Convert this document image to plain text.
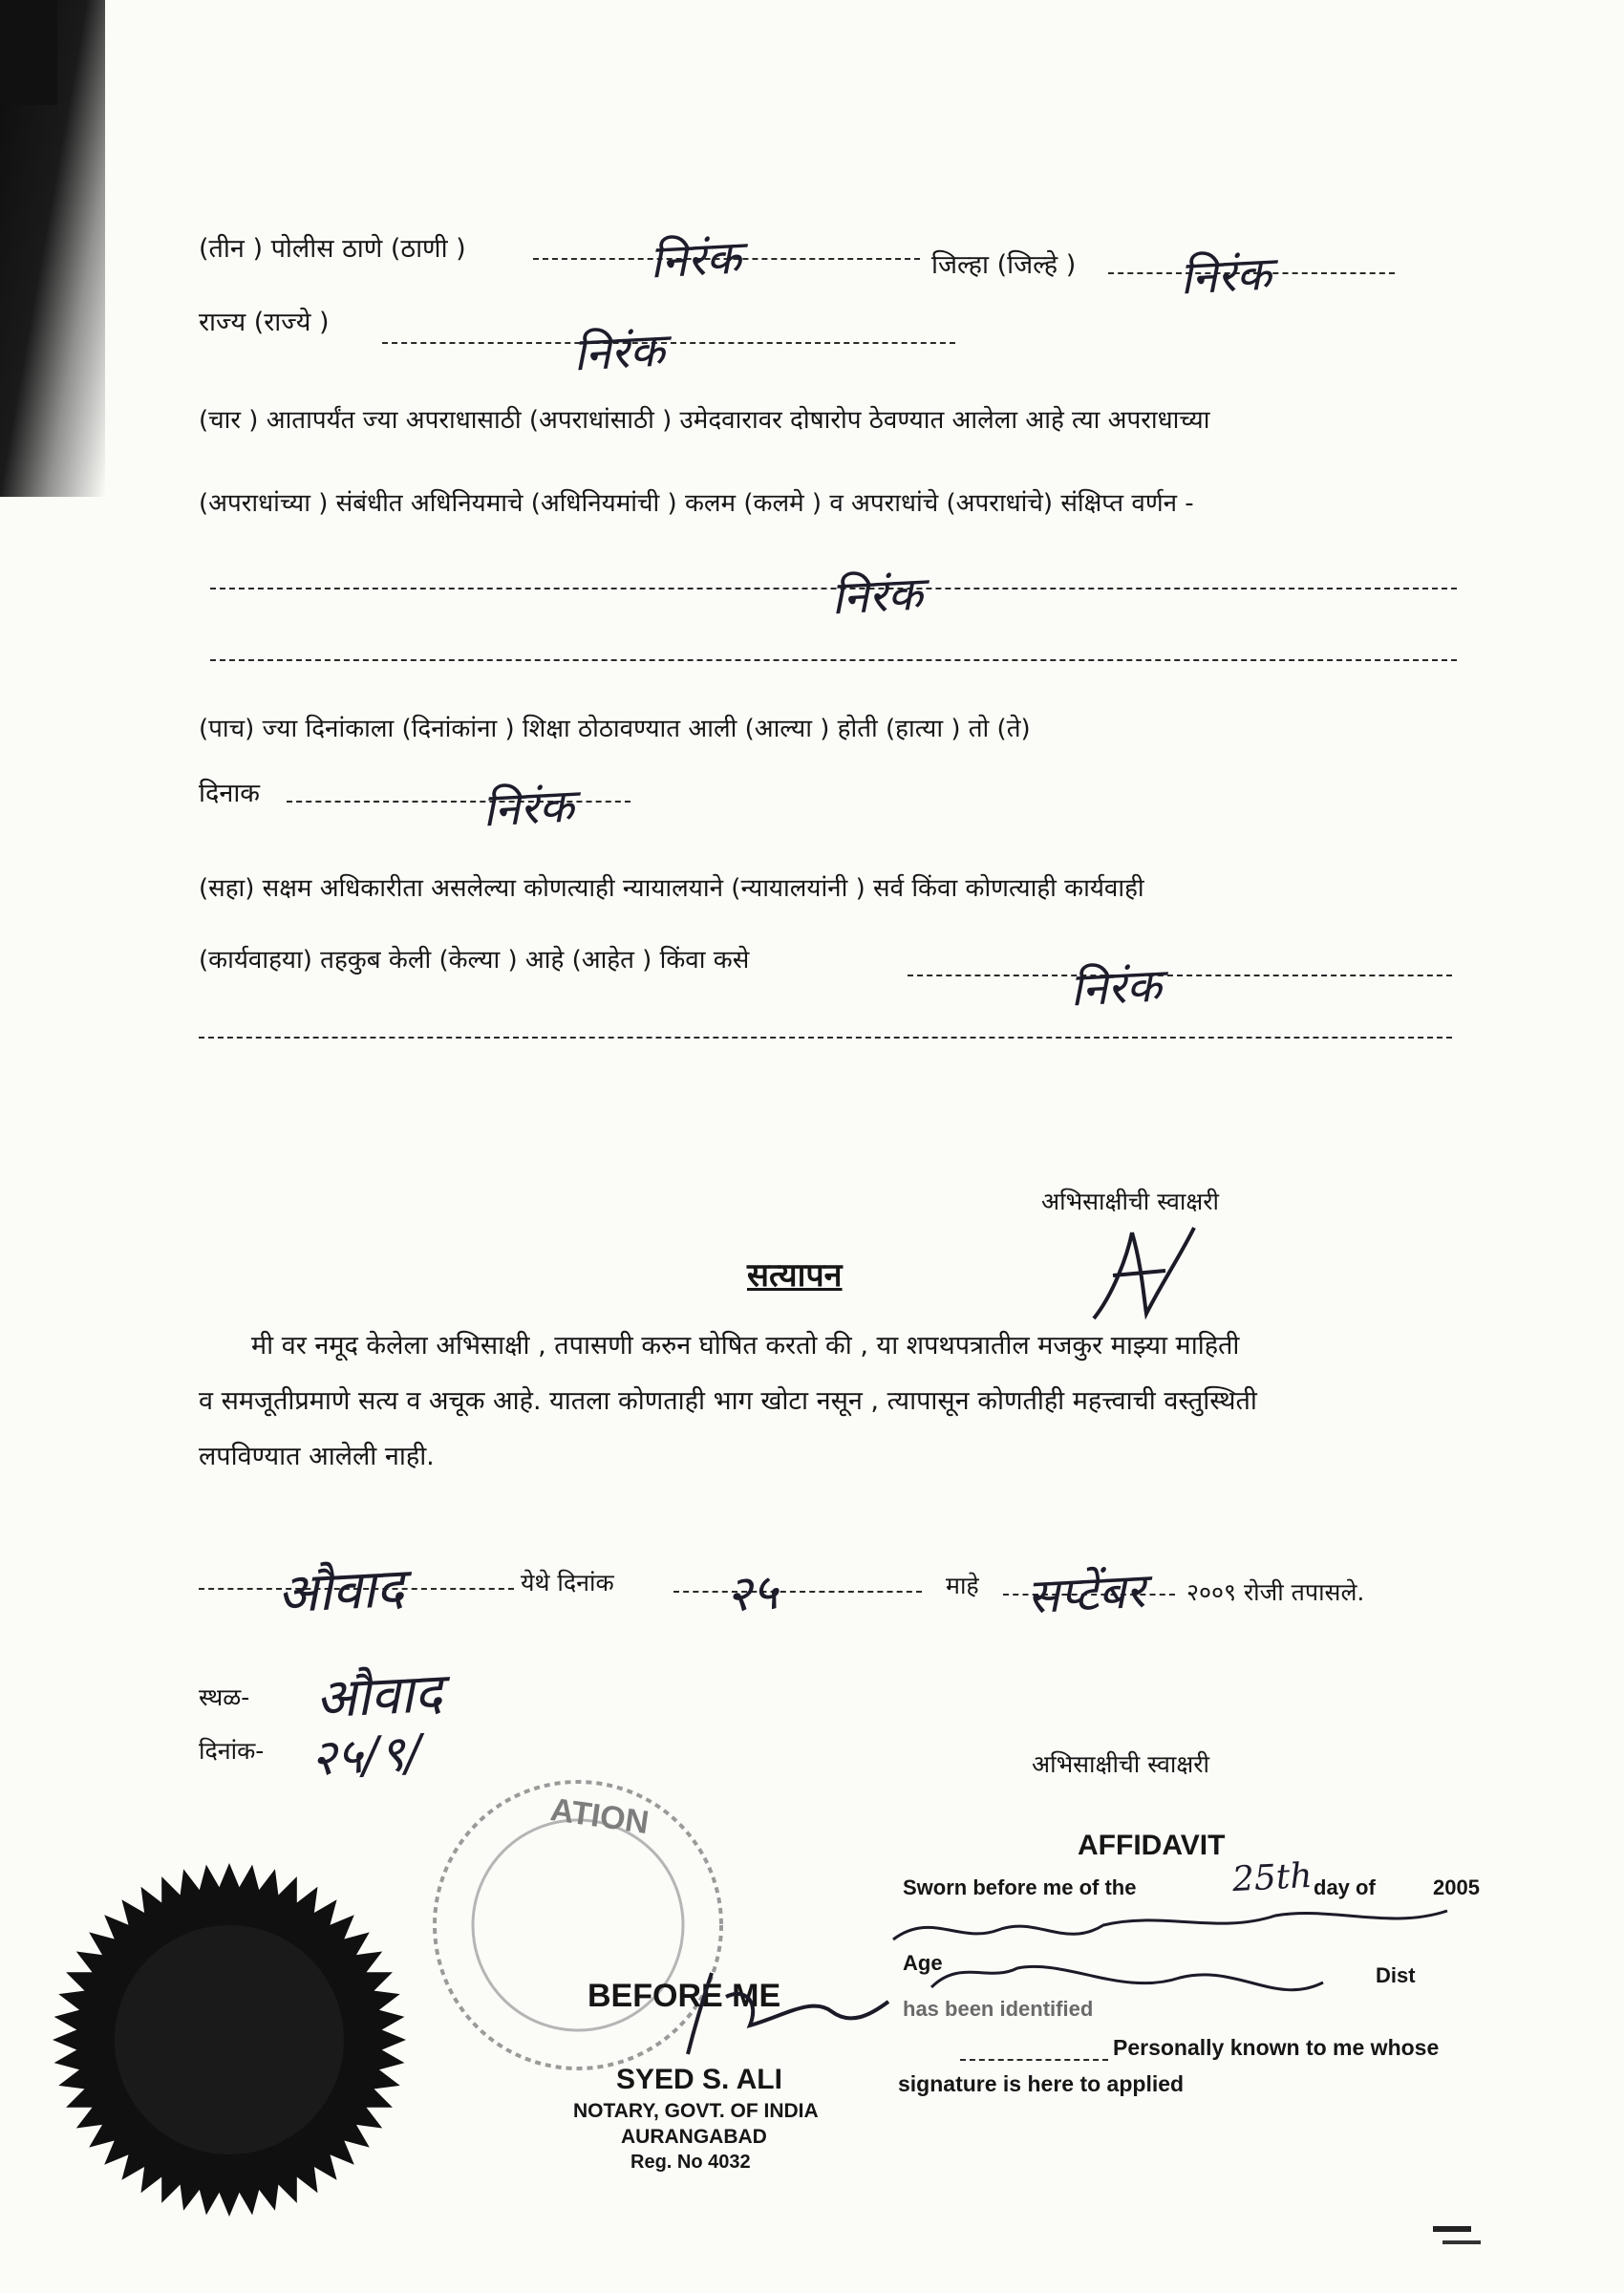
(तीन ) पोलीस ठाणे (ठाणी )	निरंक	जिल्हा (जिल्हे ) निरंक
राज्य (राज्ये )
निरंक
(चार ) आतापर्यंत ज्या अपराधासाठी (अपराधांसाठी ) उमेदवारावर दोषारोप ठेवण्यात आलेला आहे त्या अपराधाच्या
(अपराधांच्या ) संबंधीत अधिनियमाचे (अधिनियमांची ) कलम (कलमे ) व अपराधांचे (अपराधांचे) संक्षिप्त वर्णन -
निरंक
(पाच) ज्या दिनांकाला (दिनांकांना ) शिक्षा ठोठावण्यात आली (आल्या ) होती (हात्या ) तो (ते)
दिनाक	निरंक
(सहा) सक्षम अधिकारीता असलेल्या कोणत्याही न्यायालयाने (न्यायालयांनी ) सर्व किंवा कोणत्याही कार्यवाही
(कार्यवाहया) तहकुब केली (केल्या ) आहे (आहेत ) किंवा कसे	निरंक
अभिसाक्षीची स्वाक्षरी
सत्यापन
मी वर नमूद केलेला अभिसाक्षी , तपासणी करुन घोषित करतो की , या शपथपत्रातील मजकुर माझ्या माहिती
व समजूतीप्रमाणे सत्य व अचूक आहे. यातला कोणताही भाग खोटा नसून , त्यापासून कोणतीही महत्त्वाची वस्तुस्थिती
लपविण्यात आलेली नाही.
औवाद	येथे दिनांक २५	माहे सप्टेंबर २००९ रोजी तपासले.
स्थळ- औवाद
दिनांक- २५/९/	अभिसाक्षीची स्वाक्षरी
ATION
BEFORE ME
SYED S. ALI
NOTARY, GOVT. OF INDIA
AURANGABAD
Reg. No 4032
AFFIDAVIT
Sworn before me of the	25th day of	2005
Age
Dist
has been identified
Personally known to me whose
signature is here to applied
